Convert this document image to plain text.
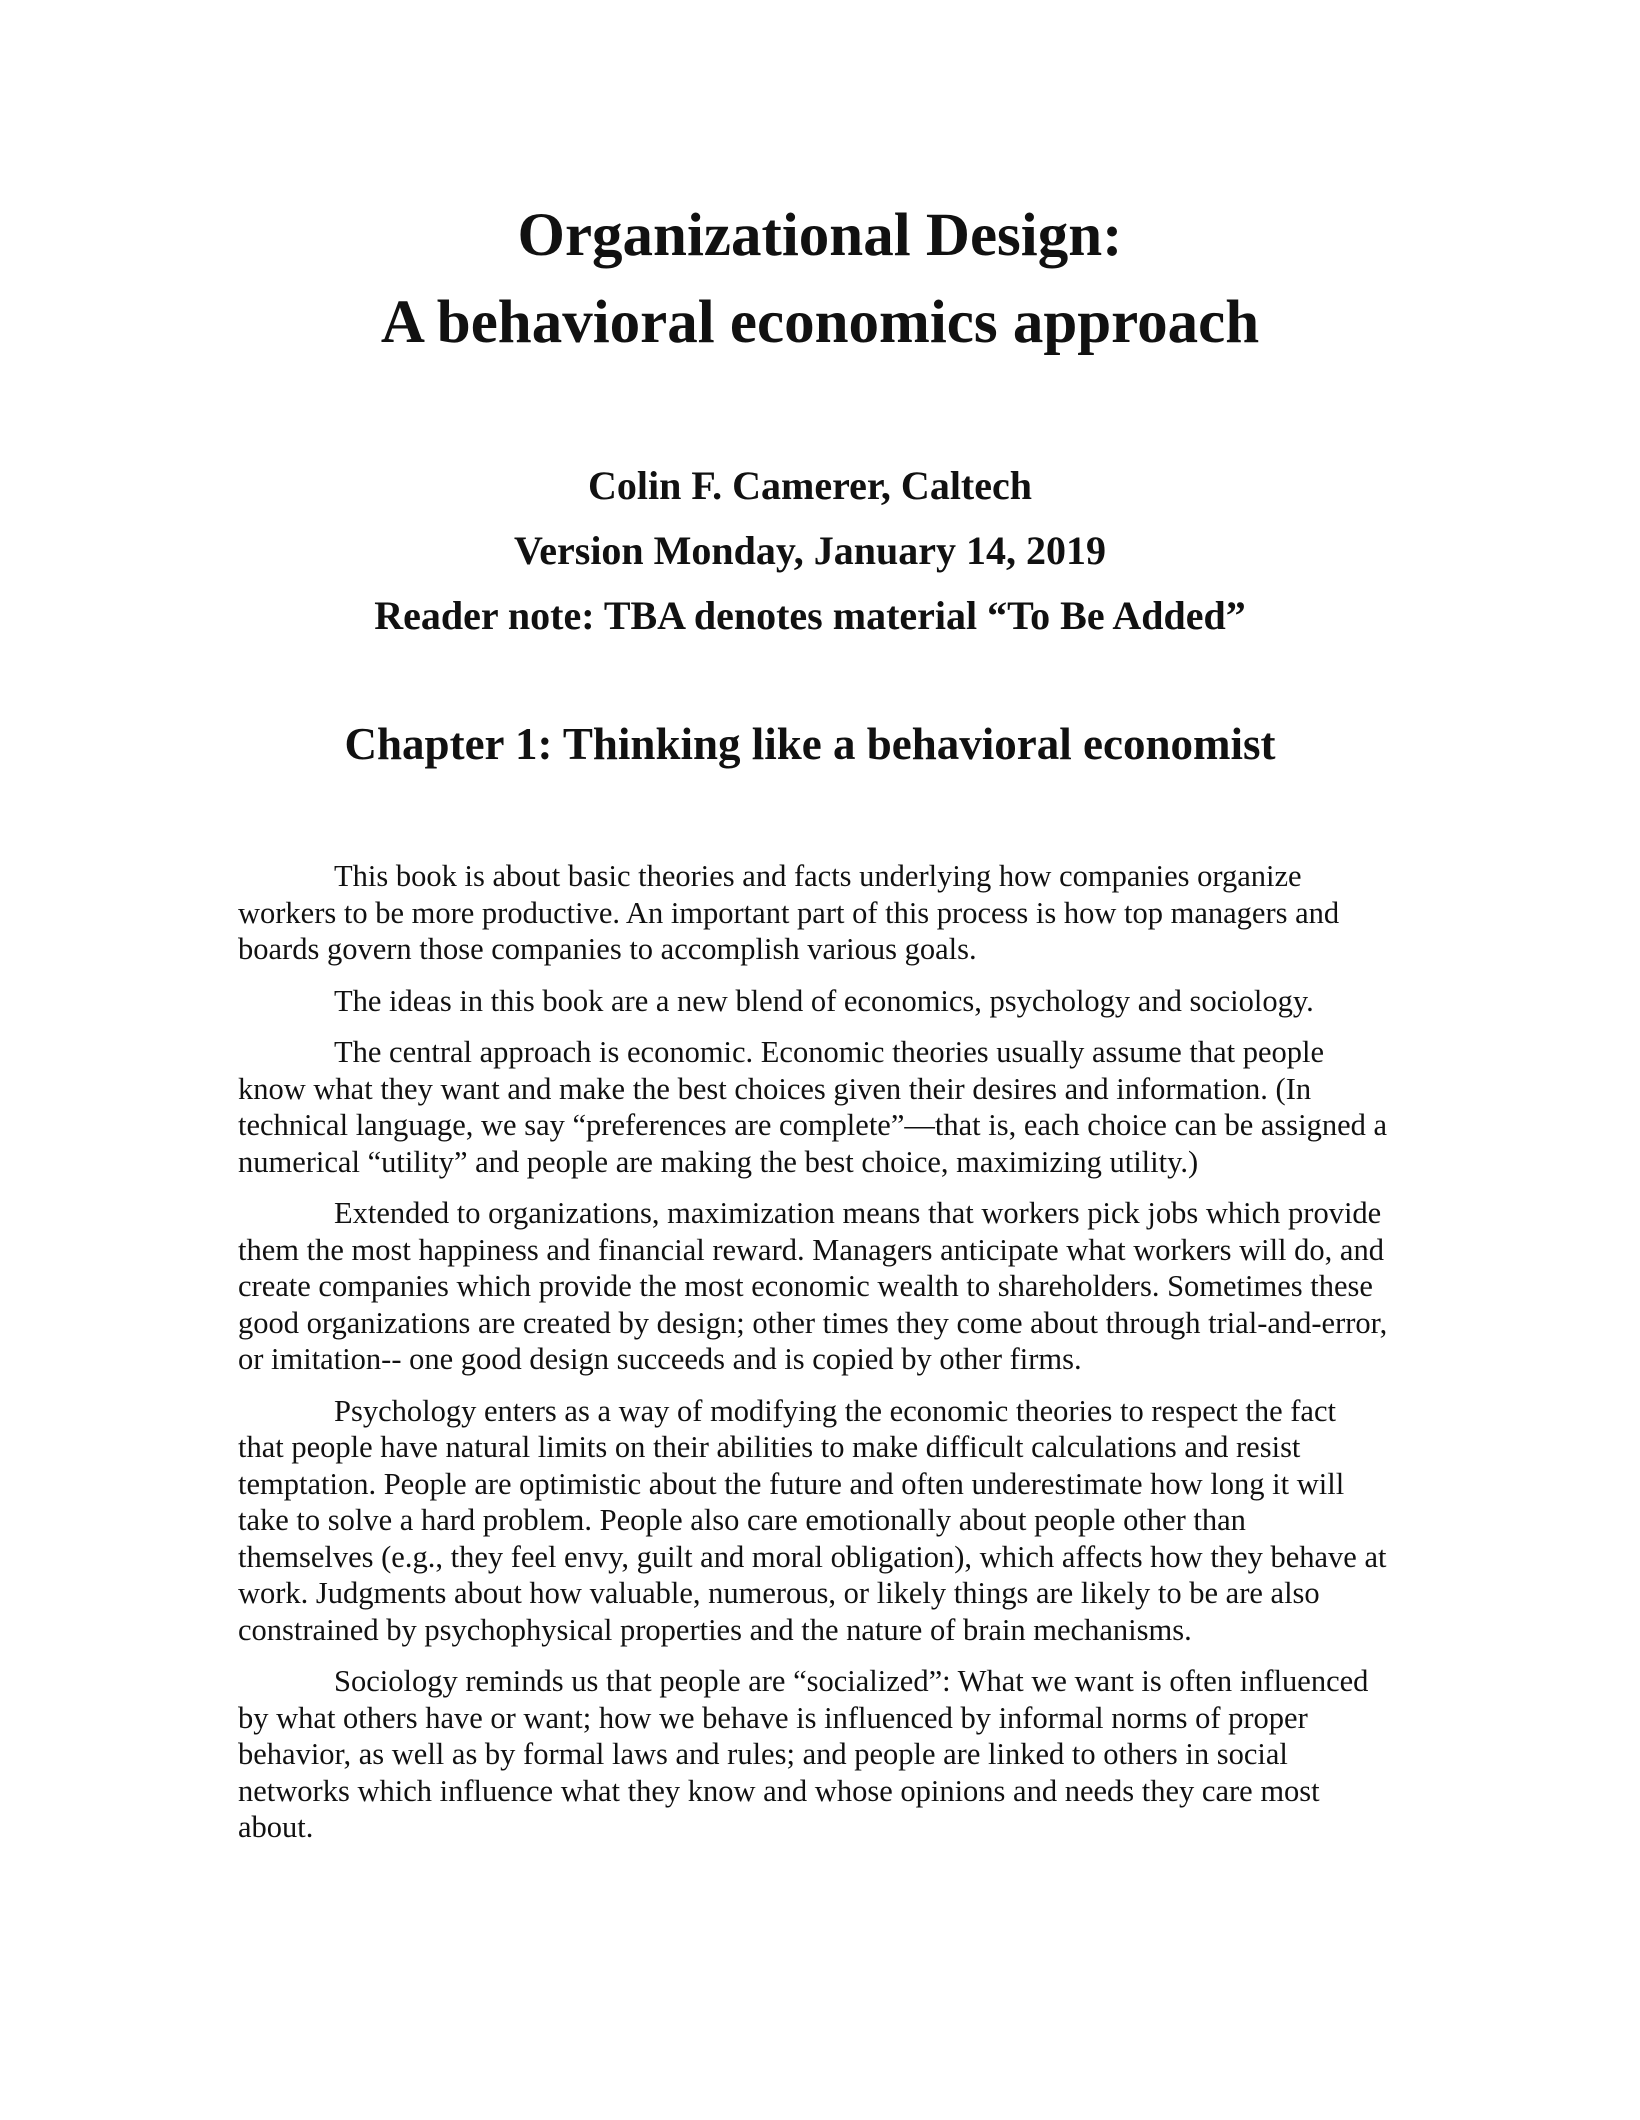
Organizational Design:
A behavioral economics approach
Colin F. Camerer, Caltech
Version Monday, January 14, 2019
Reader note: TBA denotes material “To Be Added”
Chapter 1: Thinking like a behavioral economist

This book is about basic theories and facts underlying how companies organize workers to be more productive. An important part of this process is how top managers and boards govern those companies to accomplish various goals.

The ideas in this book are a new blend of economics, psychology and sociology.

The central approach is economic. Economic theories usually assume that people know what they want and make the best choices given their desires and information. (In technical language, we say “preferences are complete”—that is, each choice can be assigned a numerical “utility” and people are making the best choice, maximizing utility.)

Extended to organizations, maximization means that workers pick jobs which provide them the most happiness and financial reward. Managers anticipate what workers will do, and create companies which provide the most economic wealth to shareholders. Sometimes these good organizations are created by design; other times they come about through trial-and-error, or imitation-- one good design succeeds and is copied by other firms.

Psychology enters as a way of modifying the economic theories to respect the fact that people have natural limits on their abilities to make difficult calculations and resist temptation. People are optimistic about the future and often underestimate how long it will take to solve a hard problem. People also care emotionally about people other than themselves (e.g., they feel envy, guilt and moral obligation), which affects how they behave at work. Judgments about how valuable, numerous, or likely things are likely to be are also constrained by psychophysical properties and the nature of brain mechanisms.

Sociology reminds us that people are “socialized”: What we want is often influenced by what others have or want; how we behave is influenced by informal norms of proper behavior, as well as by formal laws and rules; and people are linked to others in social networks which influence what they know and whose opinions and needs they care most about.
